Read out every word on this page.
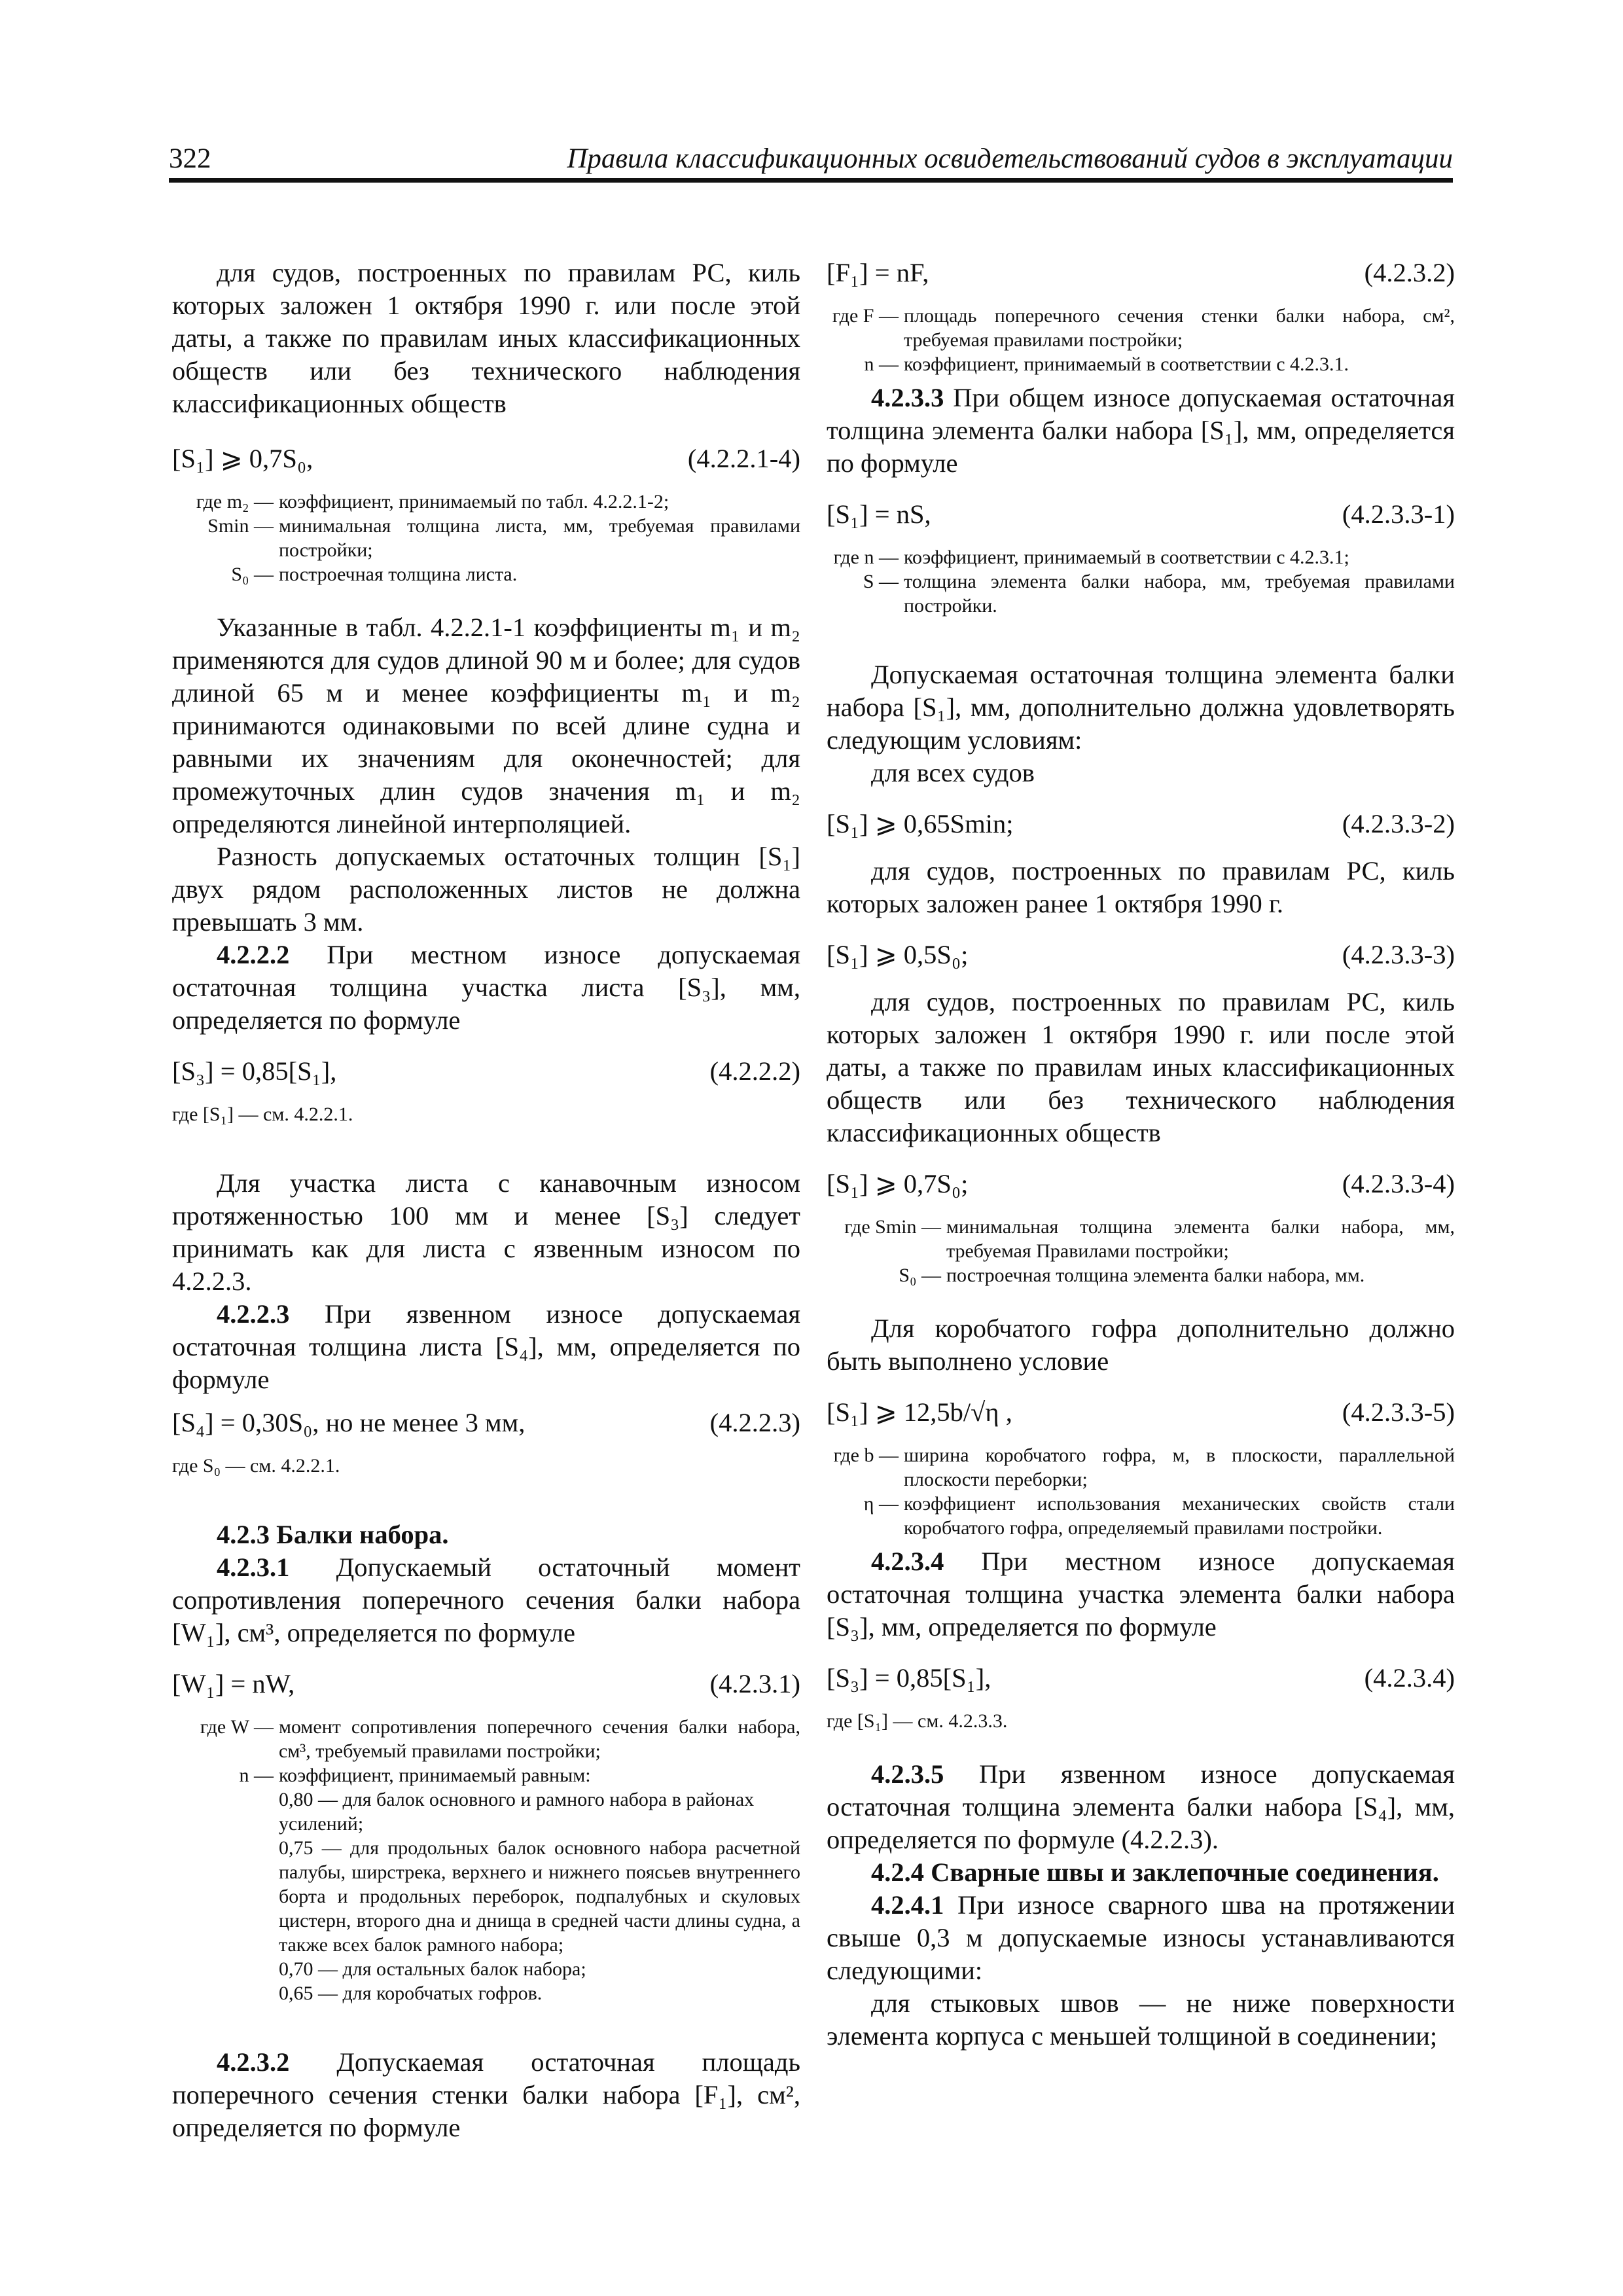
322	Правила классификационных освидетельствований судов в эксплуатации

для судов, построенных по правилам РС, киль которых заложен 1 октября 1990 г. или после этой даты, а также по правилам иных классификационных обществ или без технического наблюдения классификационных обществ

[S₁] ⩾ 0,7S₀,	(4.2.2.1-4)
где m₂ — коэффициент, принимаемый по табл. 4.2.2.1-2;
Smin — минимальная толщина листа, мм, требуемая правилами постройки;
S₀ — построечная толщина листа.

Указанные в табл. 4.2.2.1-1 коэффициенты m₁ и m₂ применяются для судов длиной 90 м и более; для судов длиной 65 м и менее коэффициенты m₁ и m₂ принимаются одинаковыми по всей длине судна и равными их значениям для оконечностей; для промежуточных длин судов значения m₁ и m₂ определяются линейной интерполяцией.

Разность допускаемых остаточных толщин [S₁] двух рядом расположенных листов не должна превышать 3 мм.

4.2.2.2 При местном износе допускаемая остаточная толщина участка листа [S₃], мм, определяется по формуле

[S₃] = 0,85[S₁],	(4.2.2.2)
где [S₁] — см. 4.2.2.1.

Для участка листа с канавочным износом протяженностью 100 мм и менее [S₃] следует принимать как для листа с язвенным износом по 4.2.2.3.

4.2.2.3 При язвенном износе допускаемая остаточная толщина листа [S₄], мм, определяется по формуле

[S₄] = 0,30S₀, но не менее 3 мм,	(4.2.2.3)
где S₀ — см. 4.2.2.1.

4.2.3 Балки набора.

4.2.3.1 Допускаемый остаточный момент сопротивления поперечного сечения балки набора [W₁], см³, определяется по формуле

[W₁] = nW,	(4.2.3.1)
где W — момент сопротивления поперечного сечения балки набора, см³, требуемый правилами постройки;
n — коэффициент, принимаемый равным:
0,80 — для балок основного и рамного набора в районах усилений;
0,75 — для продольных балок основного набора расчетной палубы, ширстрека, верхнего и нижнего поясьев внутреннего борта и продольных переборок, подпалубных и скуловых цистерн, второго дна и днища в средней части длины судна, а также всех балок рамного набора;
0,70 — для остальных балок набора;
0,65 — для коробчатых гофров.

4.2.3.2 Допускаемая остаточная площадь поперечного сечения стенки балки набора [F₁], см², определяется по формуле

[F₁] = nF,	(4.2.3.2)
где F — площадь поперечного сечения стенки балки набора, см², требуемая правилами постройки;
n — коэффициент, принимаемый в соответствии с 4.2.3.1.

4.2.3.3 При общем износе допускаемая остаточная толщина элемента балки набора [S₁], мм, определяется по формуле

[S₁] = nS,	(4.2.3.3-1)
где n — коэффициент, принимаемый в соответствии с 4.2.3.1;
S — толщина элемента балки набора, мм, требуемая правилами постройки.

Допускаемая остаточная толщина элемента балки набора [S₁], мм, дополнительно должна удовлетворять следующим условиям:

для всех судов

[S₁] ⩾ 0,65Smin;	(4.2.3.3-2)

для судов, построенных по правилам РС, киль которых заложен ранее 1 октября 1990 г.

[S₁] ⩾ 0,5S₀;	(4.2.3.3-3)

для судов, построенных по правилам РС, киль которых заложен 1 октября 1990 г. или после этой даты, а также по правилам иных классификационных обществ или без технического наблюдения классификационных обществ

[S₁] ⩾ 0,7S₀;	(4.2.3.3-4)
где Smin — минимальная толщина элемента балки набора, мм, требуемая Правилами постройки;
S₀ — построечная толщина элемента балки набора, мм.

Для коробчатого гофра дополнительно должно быть выполнено условие

[S₁] ⩾ 12,5b/√η ,	(4.2.3.3-5)
где b — ширина коробчатого гофра, м, в плоскости, параллельной плоскости переборки;
η — коэффициент использования механических свойств стали коробчатого гофра, определяемый правилами постройки.

4.2.3.4 При местном износе допускаемая остаточная толщина участка элемента балки набора [S₃], мм, определяется по формуле

[S₃] = 0,85[S₁],	(4.2.3.4)
где [S₁] — см. 4.2.3.3.

4.2.3.5 При язвенном износе допускаемая остаточная толщина элемента балки набора [S₄], мм, определяется по формуле (4.2.2.3).

4.2.4 Сварные швы и заклепочные соединения.

4.2.4.1 При износе сварного шва на протяжении свыше 0,3 м допускаемые износы устанавливаются следующими:

для стыковых швов — не ниже поверхности элемента корпуса с меньшей толщиной в соединении;
